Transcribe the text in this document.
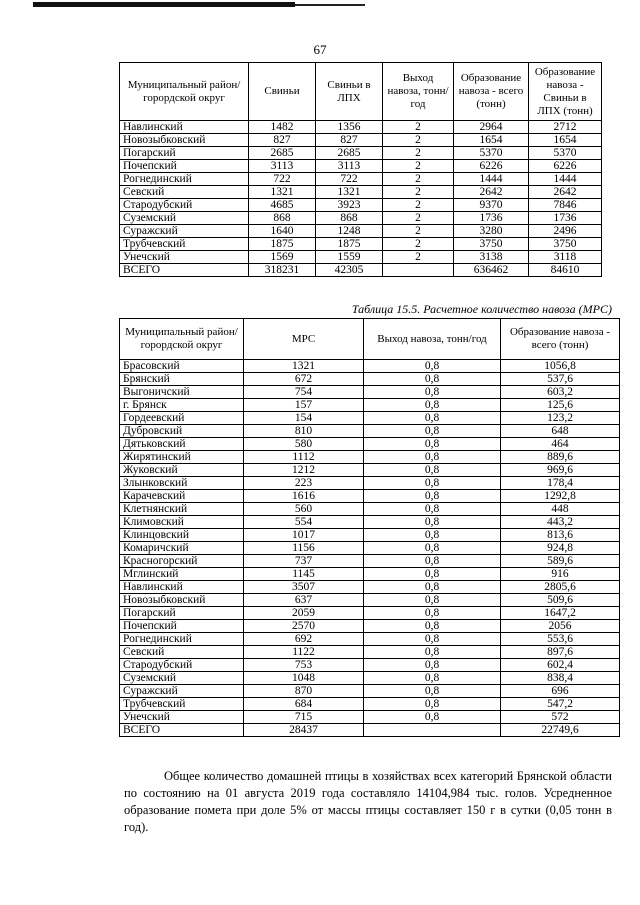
67
Муниципальный район/горордской округ	Свиньи	Свиньи в ЛПХ	Выход навоза, тонн/год	Образование навоза - всего (тонн)	Образование навоза - Свиньи в ЛПХ (тонн)
Навлинский	1482	1356	2	2964	2712
Новозыбковский	827	827	2	1654	1654
Погарский	2685	2685	2	5370	5370
Почепский	3113	3113	2	6226	6226
Рогнединский	722	722	2	1444	1444
Севский	1321	1321	2	2642	2642
Стародубский	4685	3923	2	9370	7846
Суземский	868	868	2	1736	1736
Суражский	1640	1248	2	3280	2496
Трубчевский	1875	1875	2	3750	3750
Унечский	1569	1559	2	3138	3118
ВСЕГО	318231	42305		636462	84610
Таблица 15.5. Расчетное количество навоза (МРС)
Муниципальный район/горордской округ	МРС	Выход навоза, тонн/год	Образование навоза - всего (тонн)
Брасовский	1321	0,8	1056,8
Брянский	672	0,8	537,6
Выгоничский	754	0,8	603,2
г. Брянск	157	0,8	125,6
Гордеевский	154	0,8	123,2
Дубровский	810	0,8	648
Дятьковский	580	0,8	464
Жирятинский	1112	0,8	889,6
Жуковский	1212	0,8	969,6
Злынковский	223	0,8	178,4
Карачевский	1616	0,8	1292,8
Клетнянский	560	0,8	448
Климовский	554	0,8	443,2
Клинцовский	1017	0,8	813,6
Комаричский	1156	0,8	924,8
Красногорский	737	0,8	589,6
Мглинский	1145	0,8	916
Навлинский	3507	0,8	2805,6
Новозыбковский	637	0,8	509,6
Погарский	2059	0,8	1647,2
Почепский	2570	0,8	2056
Рогнединский	692	0,8	553,6
Севский	1122	0,8	897,6
Стародубский	753	0,8	602,4
Суземский	1048	0,8	838,4
Суражский	870	0,8	696
Трубчевский	684	0,8	547,2
Унечский	715	0,8	572
ВСЕГО	28437		22749,6

Общее количество домашней птицы в хозяйствах всех категорий Брянской области по состоянию на 01 августа 2019 года составляло 14104,984 тыс. голов. Усредненное образование помета при доле 5% от массы птицы составляет 150 г в сутки (0,05 тонн в год).
